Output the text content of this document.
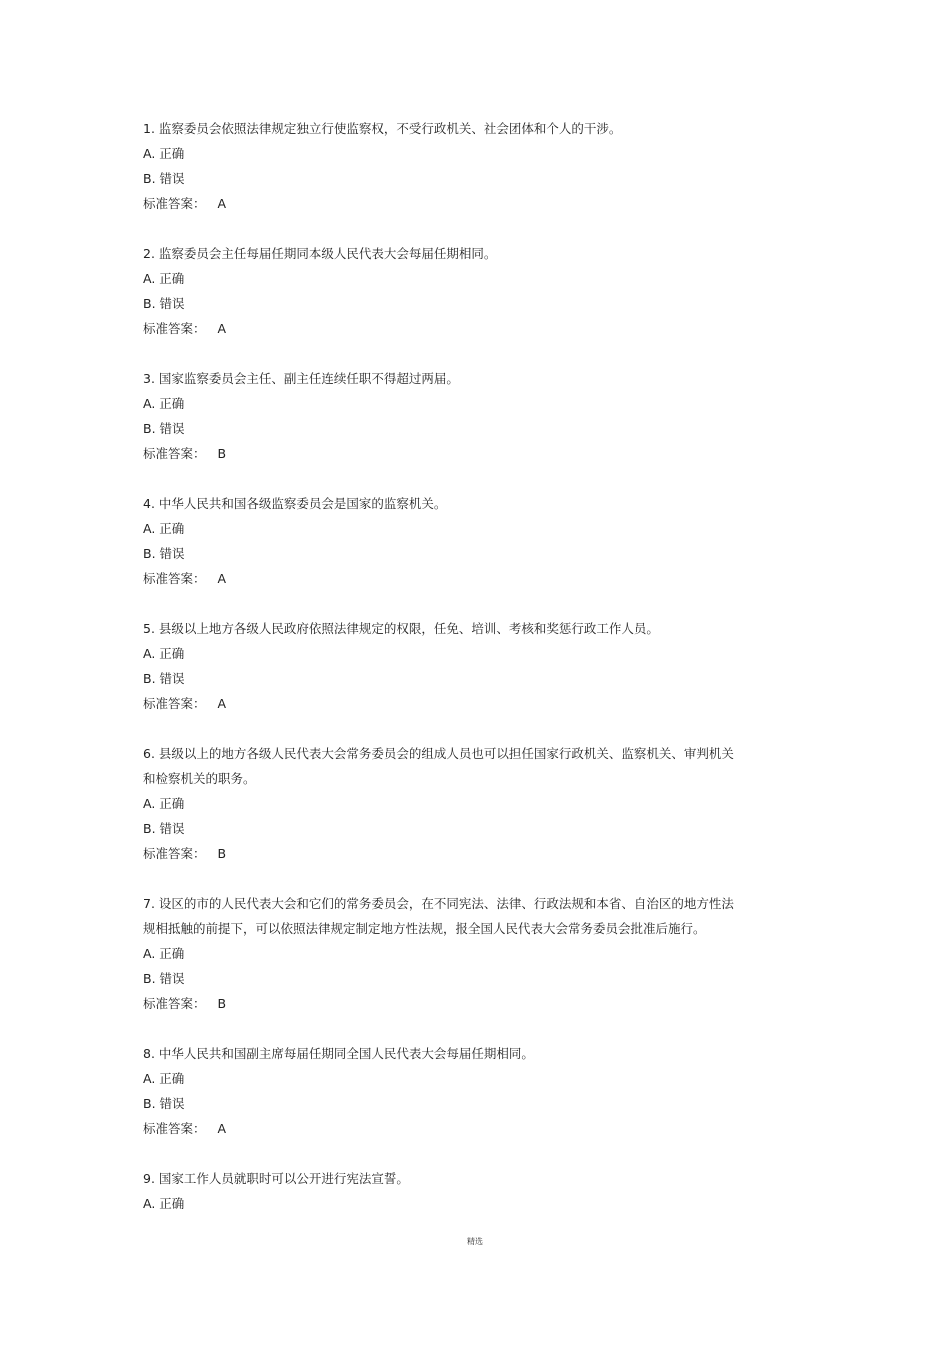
1. 监察委员会依照法律规定独立行使监察权，不受行政机关、社会团体和个人的干涉。
A. 正确
B. 错误
标准答案： A
2. 监察委员会主任每届任期同本级人民代表大会每届任期相同。
A. 正确
B. 错误
标准答案： A
3. 国家监察委员会主任、副主任连续任职不得超过两届。
A. 正确
B. 错误
标准答案： B
4. 中华人民共和国各级监察委员会是国家的监察机关。
A. 正确
B. 错误
标准答案： A
5. 县级以上地方各级人民政府依照法律规定的权限，任免、培训、考核和奖惩行政工作人员。
A. 正确
B. 错误
标准答案： A
6. 县级以上的地方各级人民代表大会常务委员会的组成人员也可以担任国家行政机关、监察机关、审判机关和检察机关的职务。
A. 正确
B. 错误
标准答案： B
7. 设区的市的人民代表大会和它们的常务委员会，在不同宪法、法律、行政法规和本省、自治区的地方性法规相抵触的前提下，可以依照法律规定制定地方性法规，报全国人民代表大会常务委员会批准后施行。
A. 正确
B. 错误
标准答案： B
8. 中华人民共和国副主席每届任期同全国人民代表大会每届任期相同。
A. 正确
B. 错误
标准答案： A
9. 国家工作人员就职时可以公开进行宪法宣誓。
A. 正确
精选
